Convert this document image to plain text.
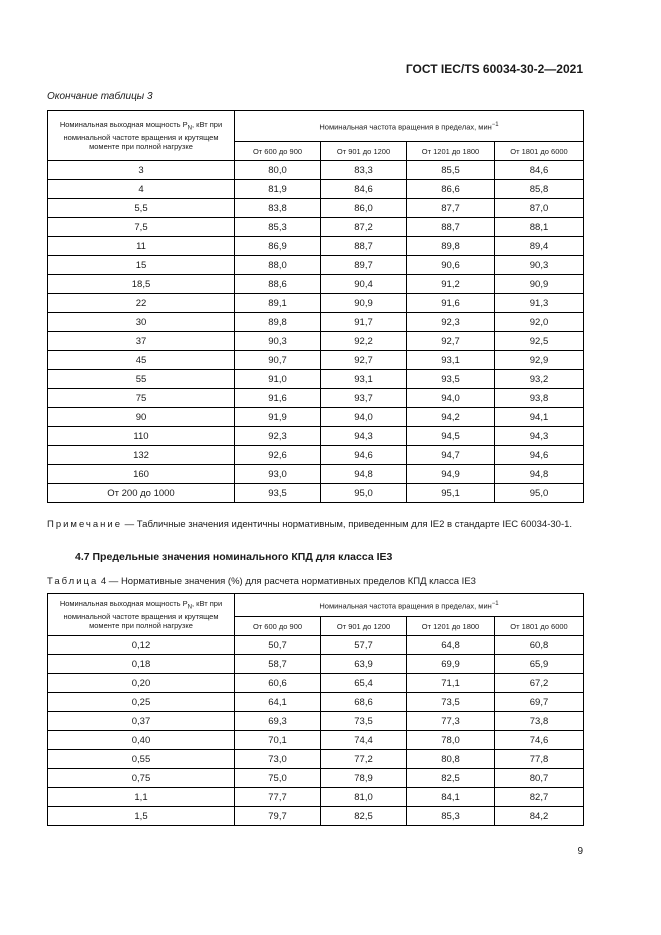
ГОСТ IEC/TS 60034-30-2—2021
Окончание таблицы 3
Номинальная выходная мощность $P_N$, кВт при номинальной частоте вращения и крутящем моменте при полной нагрузке	Номинальная частота вращения в пределах, мин$^{-1}$
	От 600 до 900	От 901 до 1200	От 1201 до 1800	От 1801 до 6000
3	80,0	83,3	85,5	84,6
4	81,9	84,6	86,6	85,8
5,5	83,8	86,0	87,7	87,0
7,5	85,3	87,2	88,7	88,1
11	86,9	88,7	89,8	89,4
15	88,0	89,7	90,6	90,3
18,5	88,6	90,4	91,2	90,9
22	89,1	90,9	91,6	91,3
30	89,8	91,7	92,3	92,0
37	90,3	92,2	92,7	92,5
45	90,7	92,7	93,1	92,9
55	91,0	93,1	93,5	93,2
75	91,6	93,7	94,0	93,8
90	91,9	94,0	94,2	94,1
110	92,3	94,3	94,5	94,3
132	92,6	94,6	94,7	94,6
160	93,0	94,8	94,9	94,8
От 200 до 1000	93,5	95,0	95,1	95,0
Примечание — Табличные значения идентичны нормативным, приведенным для IE2 в стандарте IEC 60034-30-1.
4.7 Предельные значения номинального КПД для класса IE3
Таблица 4 — Нормативные значения (%) для расчета нормативных пределов КПД класса IE3
Номинальная выходная мощность $P_N$, кВт при номинальной частоте вращения и крутящем моменте при полной нагрузке	Номинальная частота вращения в пределах, мин$^{-1}$
	От 600 до 900	От 901 до 1200	От 1201 до 1800	От 1801 до 6000
0,12	50,7	57,7	64,8	60,8
0,18	58,7	63,9	69,9	65,9
0,20	60,6	65,4	71,1	67,2
0,25	64,1	68,6	73,5	69,7
0,37	69,3	73,5	77,3	73,8
0,40	70,1	74,4	78,0	74,6
0,55	73,0	77,2	80,8	77,8
0,75	75,0	78,9	82,5	80,7
1,1	77,7	81,0	84,1	82,7
1,5	79,7	82,5	85,3	84,2
9
